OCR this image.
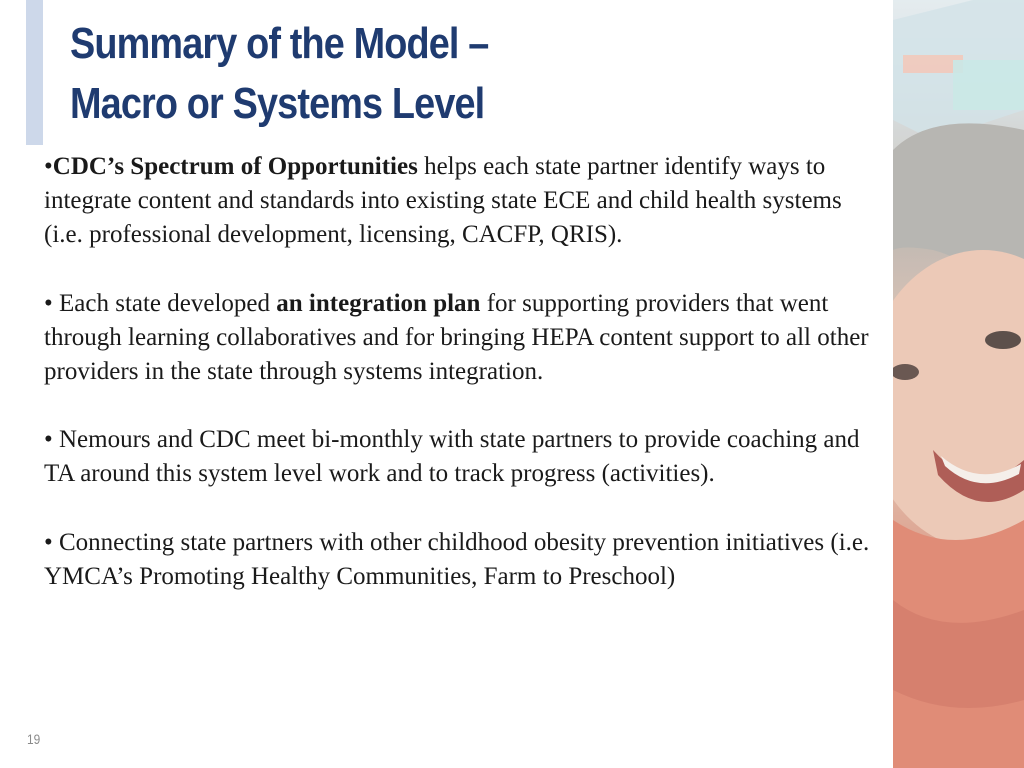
Summary of the Model –
Macro or Systems Level

•CDC’s Spectrum of Opportunities helps each state partner identify ways to integrate content and standards into existing state ECE and child health systems (i.e. professional development, licensing, CACFP, QRIS).

• Each state developed an integration plan for supporting providers that went through learning collaboratives and for bringing HEPA content support to all other providers in the state through systems integration.

• Nemours and CDC meet bi-monthly with state partners to provide coaching and TA around this system level work and to track progress (activities).

• Connecting state partners with other childhood obesity prevention initiatives (i.e. YMCA’s Promoting Healthy Communities, Farm to Preschool)

19
